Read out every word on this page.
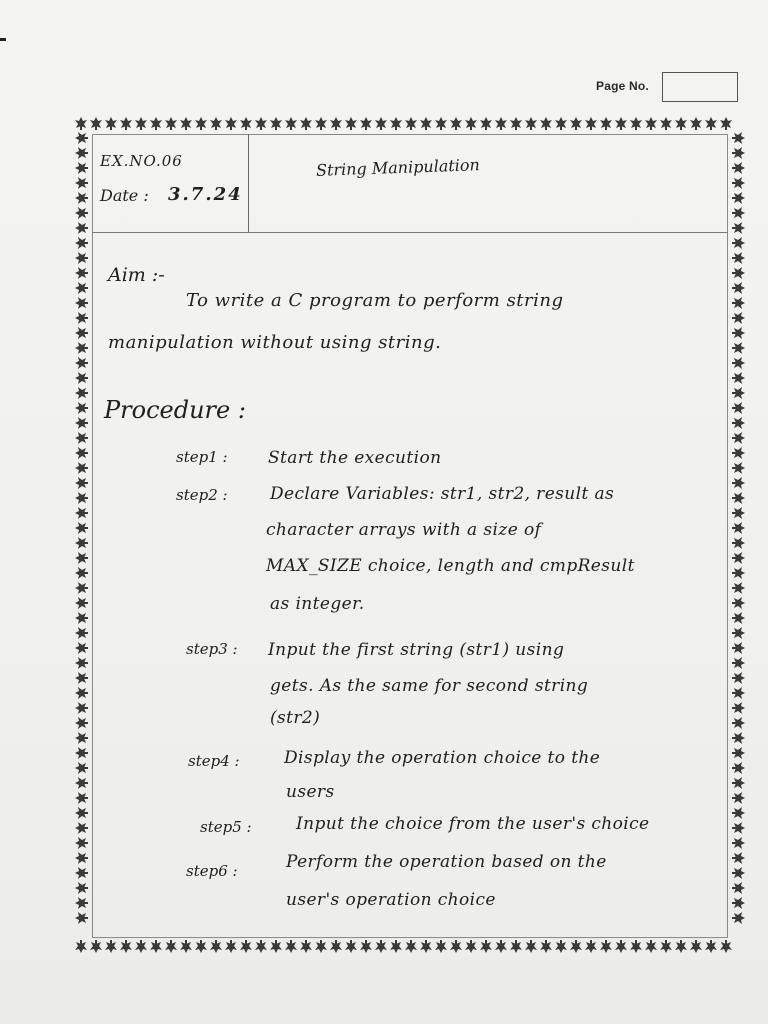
Page No.
EX.NO.06
Date : 3.7.24
String Manipulation
Aim :-
To write a C program to perform string
manipulation without using string.
Procedure :
step1 : Start the execution
step2 : Declare Variables: str1, str2, result as
character arrays with a size of
MAX_SIZE choice, length and cmpResult
as integer.
step3 : Input the first string (str1) using
gets. As the same for second string
(str2)
step4 :	Display the operation choice to the
users
step5 :	Input the choice from the user's choice
step6 :	Perform the operation based on the
user's operation choice
